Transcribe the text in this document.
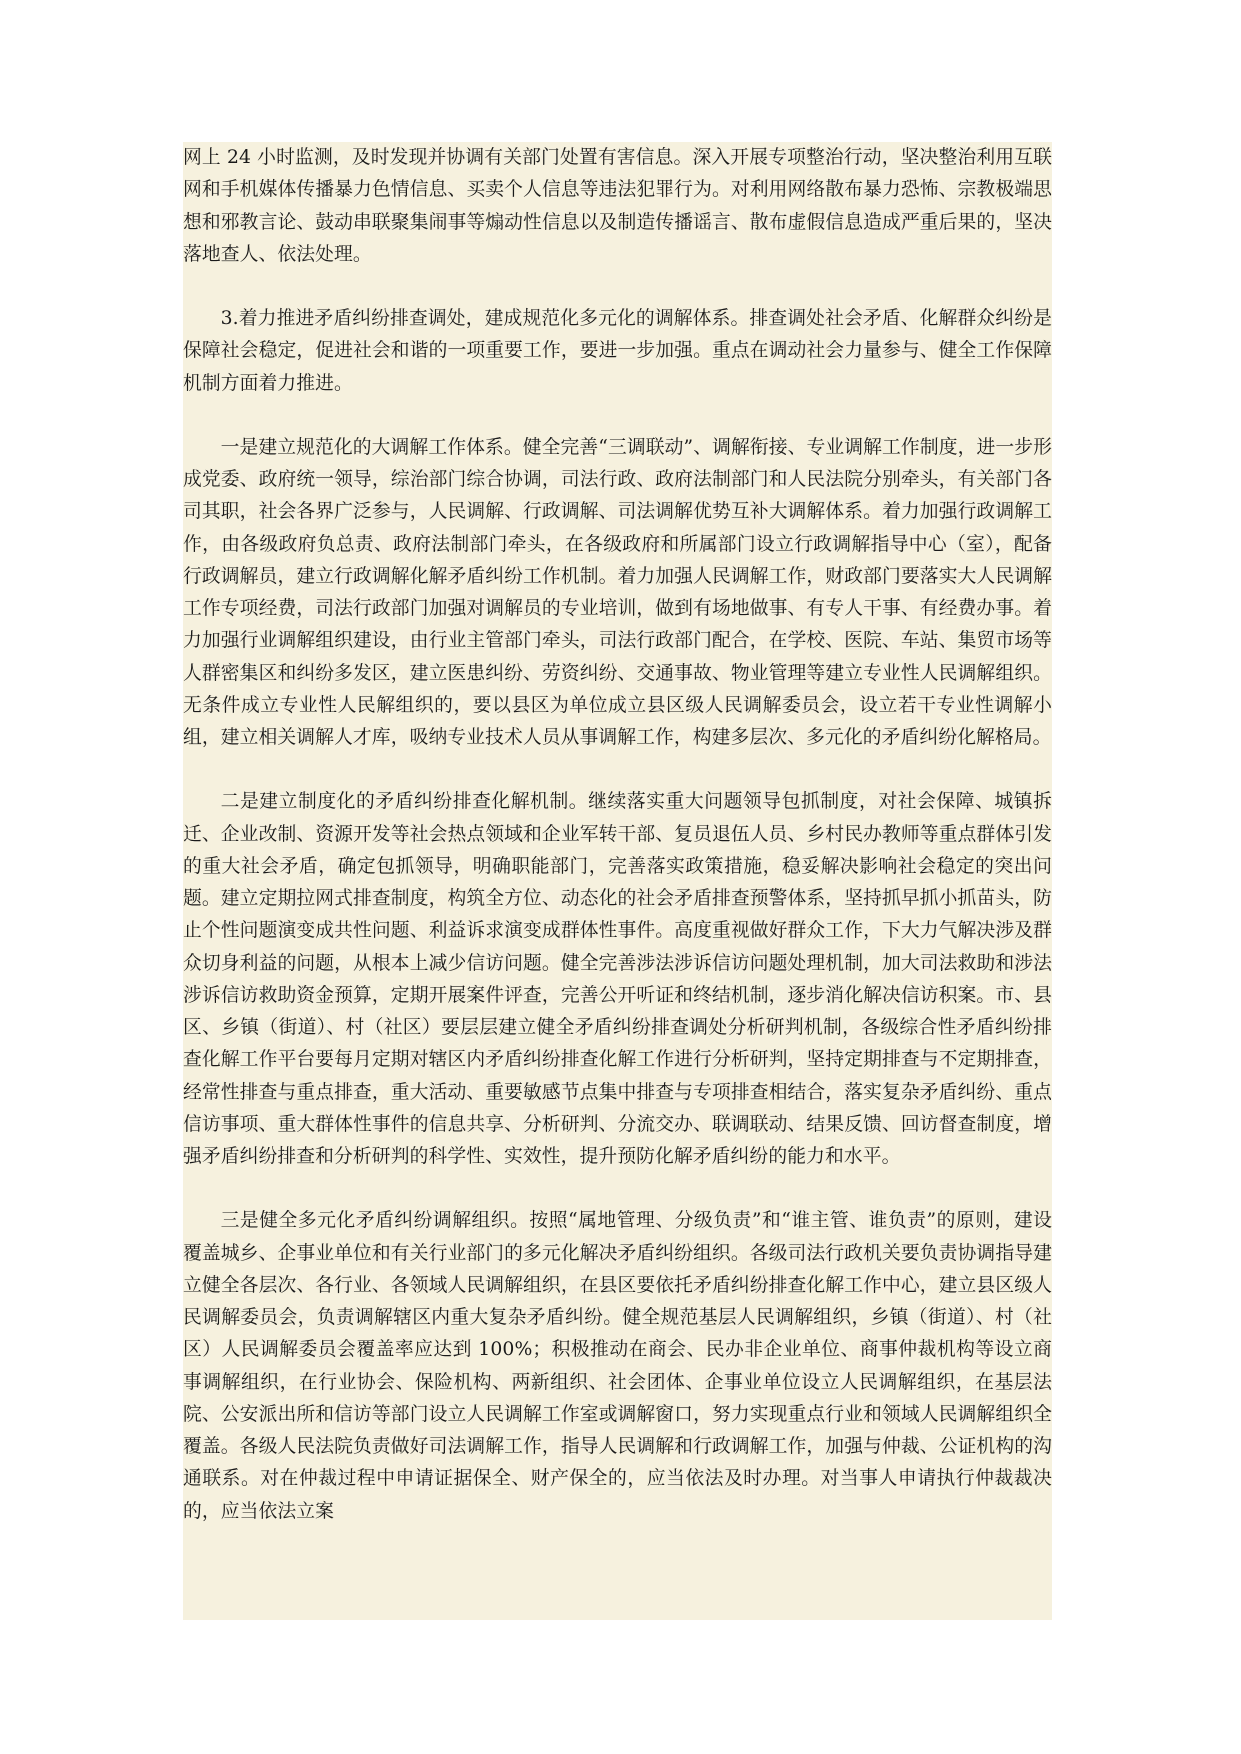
网上 24 小时监测，及时发现并协调有关部门处置有害信息。深入开展专项整治行动，坚决整治利用互联网和手机媒体传播暴力色情信息、买卖个人信息等违法犯罪行为。对利用网络散布暴力恐怖、宗教极端思想和邪教言论、鼓动串联聚集闹事等煽动性信息以及制造传播谣言、散布虚假信息造成严重后果的，坚决落地查人、依法处理。

3.着力推进矛盾纠纷排查调处，建成规范化多元化的调解体系。排查调处社会矛盾、化解群众纠纷是保障社会稳定，促进社会和谐的一项重要工作，要进一步加强。重点在调动社会力量参与、健全工作保障机制方面着力推进。

一是建立规范化的大调解工作体系。健全完善“三调联动”、调解衔接、专业调解工作制度，进一步形成党委、政府统一领导，综治部门综合协调，司法行政、政府法制部门和人民法院分别牵头，有关部门各司其职，社会各界广泛参与，人民调解、行政调解、司法调解优势互补大调解体系。着力加强行政调解工作，由各级政府负总责、政府法制部门牵头，在各级政府和所属部门设立行政调解指导中心（室），配备行政调解员，建立行政调解化解矛盾纠纷工作机制。着力加强人民调解工作，财政部门要落实大人民调解工作专项经费，司法行政部门加强对调解员的专业培训，做到有场地做事、有专人干事、有经费办事。着力加强行业调解组织建设，由行业主管部门牵头，司法行政部门配合，在学校、医院、车站、集贸市场等人群密集区和纠纷多发区，建立医患纠纷、劳资纠纷、交通事故、物业管理等建立专业性人民调解组织。无条件成立专业性人民解组织的，要以县区为单位成立县区级人民调解委员会，设立若干专业性调解小组，建立相关调解人才库，吸纳专业技术人员从事调解工作，构建多层次、多元化的矛盾纠纷化解格局。

二是建立制度化的矛盾纠纷排查化解机制。继续落实重大问题领导包抓制度，对社会保障、城镇拆迁、企业改制、资源开发等社会热点领域和企业军转干部、复员退伍人员、乡村民办教师等重点群体引发的重大社会矛盾，确定包抓领导，明确职能部门，完善落实政策措施，稳妥解决影响社会稳定的突出问题。建立定期拉网式排查制度，构筑全方位、动态化的社会矛盾排查预警体系，坚持抓早抓小抓苗头，防止个性问题演变成共性问题、利益诉求演变成群体性事件。高度重视做好群众工作，下大力气解决涉及群众切身利益的问题，从根本上减少信访问题。健全完善涉法涉诉信访问题处理机制，加大司法救助和涉法涉诉信访救助资金预算，定期开展案件评查，完善公开听证和终结机制，逐步消化解决信访积案。市、县区、乡镇（街道）、村（社区）要层层建立健全矛盾纠纷排查调处分析研判机制，各级综合性矛盾纠纷排查化解工作平台要每月定期对辖区内矛盾纠纷排查化解工作进行分析研判，坚持定期排查与不定期排查，经常性排查与重点排查，重大活动、重要敏感节点集中排查与专项排查相结合，落实复杂矛盾纠纷、重点信访事项、重大群体性事件的信息共享、分析研判、分流交办、联调联动、结果反馈、回访督查制度，增强矛盾纠纷排查和分析研判的科学性、实效性，提升预防化解矛盾纠纷的能力和水平。

三是健全多元化矛盾纠纷调解组织。按照“属地管理、分级负责”和“谁主管、谁负责”的原则，建设覆盖城乡、企事业单位和有关行业部门的多元化解决矛盾纠纷组织。各级司法行政机关要负责协调指导建立健全各层次、各行业、各领域人民调解组织，在县区要依托矛盾纠纷排查化解工作中心，建立县区级人民调解委员会，负责调解辖区内重大复杂矛盾纠纷。健全规范基层人民调解组织，乡镇（街道）、村（社区）人民调解委员会覆盖率应达到 100%；积极推动在商会、民办非企业单位、商事仲裁机构等设立商事调解组织，在行业协会、保险机构、两新组织、社会团体、企事业单位设立人民调解组织，在基层法院、公安派出所和信访等部门设立人民调解工作室或调解窗口，努力实现重点行业和领域人民调解组织全覆盖。各级人民法院负责做好司法调解工作，指导人民调解和行政调解工作，加强与仲裁、公证机构的沟通联系。对在仲裁过程中申请证据保全、财产保全的，应当依法及时办理。对当事人申请执行仲裁裁决的，应当依法立案
